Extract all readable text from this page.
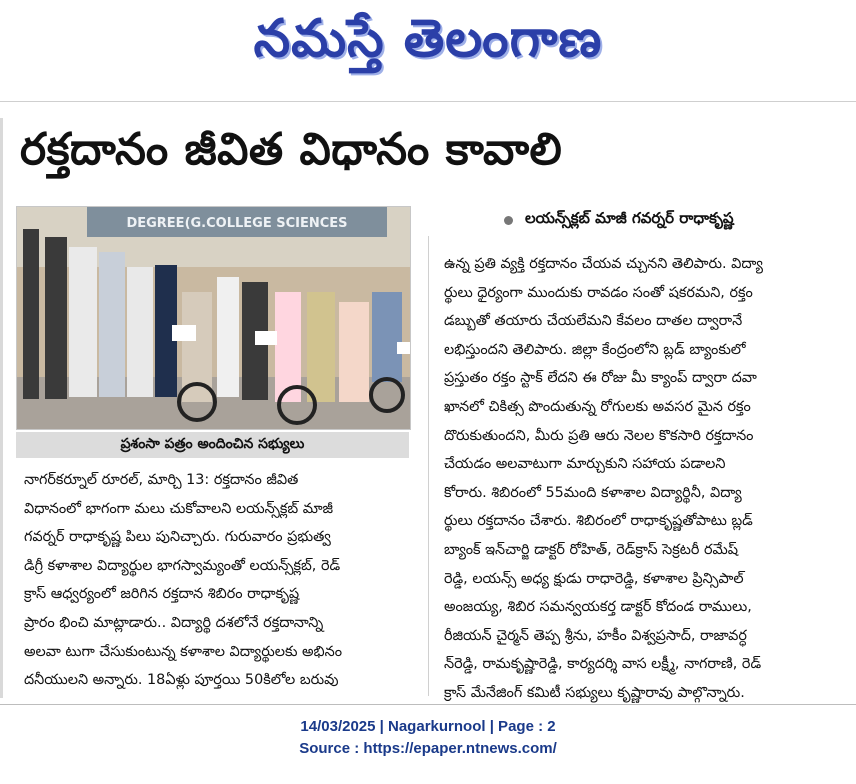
నమస్తే తెలంగాణ
రక్తదానం జీవిత విధానం కావాలి
DEGREE(G.COLLEGE SCIENCES
ప్రశంసా పత్రం అందించిన సభ్యులు
లయన్స్‌క్లబ్ మాజీ గవర్నర్ రాధాకృష్ణ
నాగర్‌కర్నూల్ రూరల్, మార్చి 13: రక్తదానం జీవిత
విధానంలో భాగంగా మలు చుకోవాలని లయన్స్‌క్లబ్ మాజీ
గవర్నర్ రాధాకృష్ణ పిలు పునిచ్చారు. గురువారం ప్రభుత్వ
డిగ్రీ కళాశాల విద్యార్థుల భాగస్వామ్యంతో లయన్స్‌క్లబ్, రెడ్
క్రాస్ ఆధ్వర్యంలో జరిగిన రక్తదాన శిబిరం రాధాకృష్ణ
ప్రారం భించి మాట్లాడారు.. విద్యార్థి దశలోనే రక్తదానాన్ని
అలవా టుగా చేసుకుంటున్న కళాశాల విద్యార్థులకు అభినం
దనీయులని అన్నారు. 18ఏళ్లు పూర్తయి 50కిలోల బరువు
ఉన్న ప్రతి వ్యక్తి రక్తదానం చేయవ చ్చునని తెలిపారు. విద్యా
ర్థులు ధైర్యంగా ముందుకు రావడం సంతో షకరమని, రక్తం
డబ్బుతో తయారు చేయలేమని కేవలం దాతల ద్వారానే
లభిస్తుందని తెలిపారు. జిల్లా కేంద్రంలోని బ్లడ్ బ్యాంకులో
ప్రస్తుతం రక్తం స్టాక్ లేదని ఈ రోజు మీ క్యాంప్ ద్వారా దవా
ఖానలో చికిత్స పొందుతున్న రోగులకు అవసర మైన రక్తం
దొరుకుతుందని, మీరు ప్రతి ఆరు నెలల కొకసారి రక్తదానం
చేయడం అలవాటుగా మార్చుకుని సహాయ పడాలని
కోరారు. శిబిరంలో 55మంది కళాశాల విద్యార్థినీ, విద్యా
ర్థులు రక్తదానం చేశారు. శిబిరంలో రాధాకృష్ణతోపాటు బ్లడ్
బ్యాంక్ ఇన్‌చార్జి డాక్టర్ రోహిత్, రెడ్‌క్రాస్ సెక్రటరీ రమేష్
రెడ్డి, లయన్స్ అధ్య క్షుడు రాధారెడ్డి, కళాశాల ప్రిన్సిపాల్
అంజయ్య, శిబిర సమన్వయకర్త డాక్టర్ కోదండ రాములు,
రీజియన్ చైర్మన్ తెప్ప శ్రీను, హకీం విశ్వప్రసాద్, రాజావర్ధ
న్‌రెడ్డి, రామకృష్ణారెడ్డి, కార్యదర్శి వాస లక్ష్మీ, నాగరాణి, రెడ్
క్రాస్ మేనేజింగ్ కమిటీ సభ్యులు కృష్ణారావు పాల్గొన్నారు.
14/03/2025 | Nagarkurnool | Page : 2
Source : https://epaper.ntnews.com/
